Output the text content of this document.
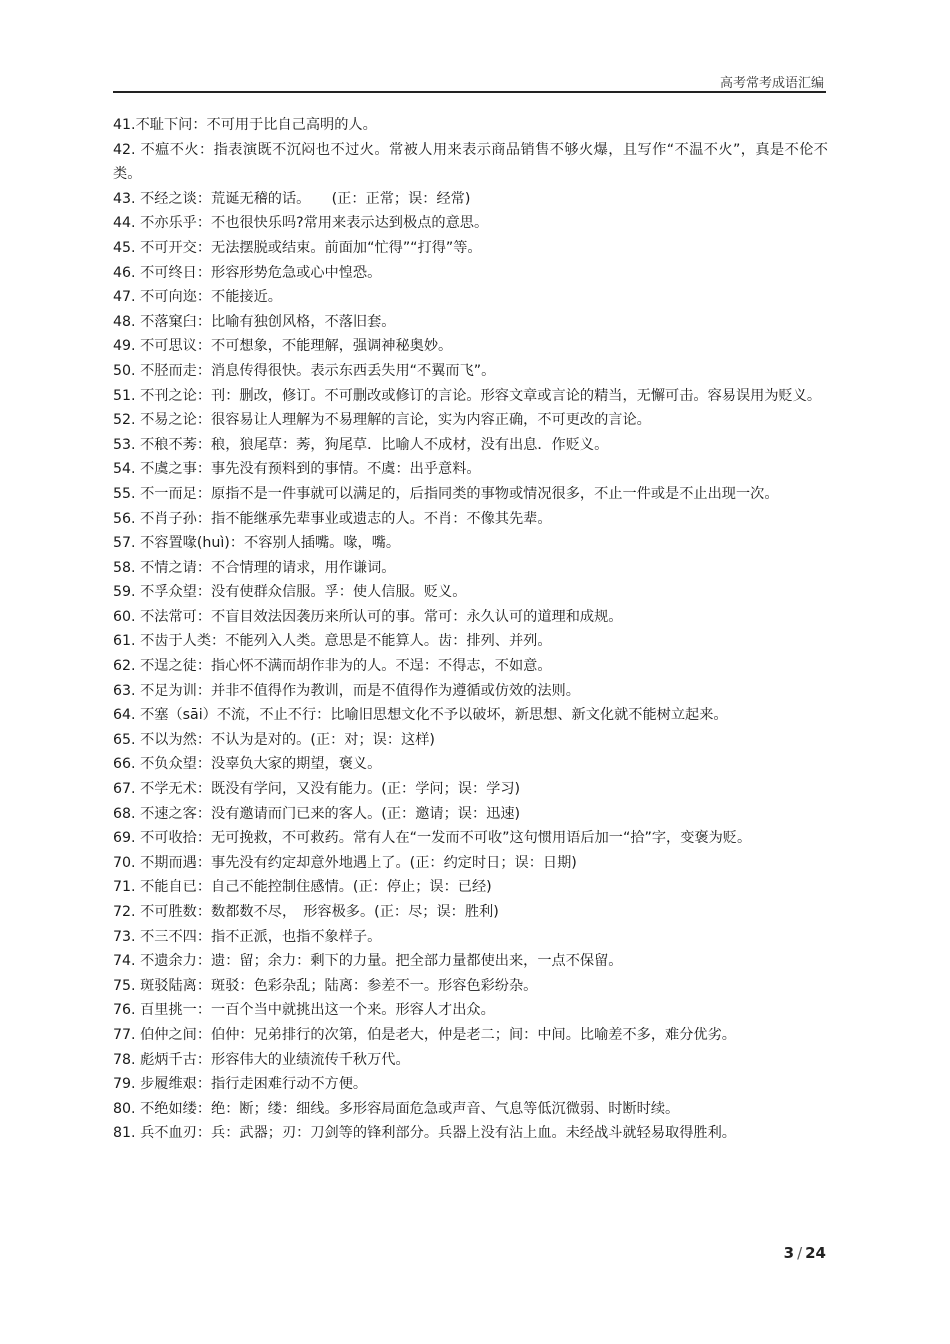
高考常考成语汇编

41.不耻下问：不可用于比自己高明的人。

42. 不瘟不火：指表演既不沉闷也不过火。常被人用来表示商品销售不够火爆，且写作“不温不火”，真是不伦不类。

43. 不经之谈：荒诞无稽的话。　　(正：正常；误：经常)

44. 不亦乐乎：不也很快乐吗?常用来表示达到极点的意思。

45. 不可开交：无法摆脱或结束。前面加“忙得”“打得”等。

46. 不可终日：形容形势危急或心中惶恐。

47. 不可向迩：不能接近。

48. 不落窠臼：比喻有独创风格，不落旧套。

49. 不可思议：不可想象，不能理解，强调神秘奥妙。

50. 不胫而走：消息传得很快。表示东西丢失用“不翼而飞”。

51. 不刊之论：刊：删改，修订。不可删改或修订的言论。形容文章或言论的精当，无懈可击。容易误用为贬义。

52. 不易之论：很容易让人理解为不易理解的言论，实为内容正确，不可更改的言论。

53. 不稂不莠：稂，狼尾草：莠，狗尾草．比喻人不成材，没有出息．作贬义。

54. 不虞之事：事先没有预料到的事情。不虞：出乎意料。

55. 不一而足：原指不是一件事就可以满足的，后指同类的事物或情况很多，不止一件或是不止出现一次。

56. 不肖子孙：指不能继承先辈事业或遗志的人。不肖：不像其先辈。

57. 不容置喙(huì)：不容别人插嘴。喙，嘴。

58. 不情之请：不合情理的请求，用作谦词。

59. 不孚众望：没有使群众信服。孚：使人信服。贬义。

60. 不法常可：不盲目效法因袭历来所认可的事。常可：永久认可的道理和成规。

61. 不齿于人类：不能列入人类。意思是不能算人。齿：排列、并列。

62. 不逞之徒：指心怀不满而胡作非为的人。不逞：不得志，不如意。

63. 不足为训：并非不值得作为教训，而是不值得作为遵循或仿效的法则。

64. 不塞（sāi）不流，不止不行：比喻旧思想文化不予以破坏，新思想、新文化就不能树立起来。

65. 不以为然：不认为是对的。(正：对；误：这样)

66. 不负众望：没辜负大家的期望，褒义。

67. 不学无术：既没有学问，又没有能力。(正：学问；误：学习)

68. 不速之客：没有邀请而门已来的客人。(正：邀请；误：迅速)

69. 不可收拾：无可挽救，不可救药。常有人在“一发而不可收”这句惯用语后加一“拾”字，变褒为贬。

70. 不期而遇：事先没有约定却意外地遇上了。(正：约定时日；误：日期)

71. 不能自已：自己不能控制住感情。(正：停止；误：已经)

72. 不可胜数：数都数不尽，　形容极多。(正：尽；误：胜利)

73. 不三不四：指不正派，也指不象样子。

74. 不遗余力：遗：留；余力：剩下的力量。把全部力量都使出来，一点不保留。

75. 斑驳陆离：斑驳：色彩杂乱；陆离：参差不一。形容色彩纷杂。

76. 百里挑一：一百个当中就挑出这一个来。形容人才出众。

77. 伯仲之间：伯仲：兄弟排行的次第，伯是老大，仲是老二；间：中间。比喻差不多，难分优劣。

78. 彪炳千古：形容伟大的业绩流传千秋万代。

79. 步履维艰：指行走困难行动不方便。

80. 不绝如缕：绝：断；缕：细线。多形容局面危急或声音、气息等低沉微弱、时断时续。

81. 兵不血刃：兵：武器；刃：刀剑等的锋利部分。兵器上没有沾上血。未经战斗就轻易取得胜利。

3 / 24
